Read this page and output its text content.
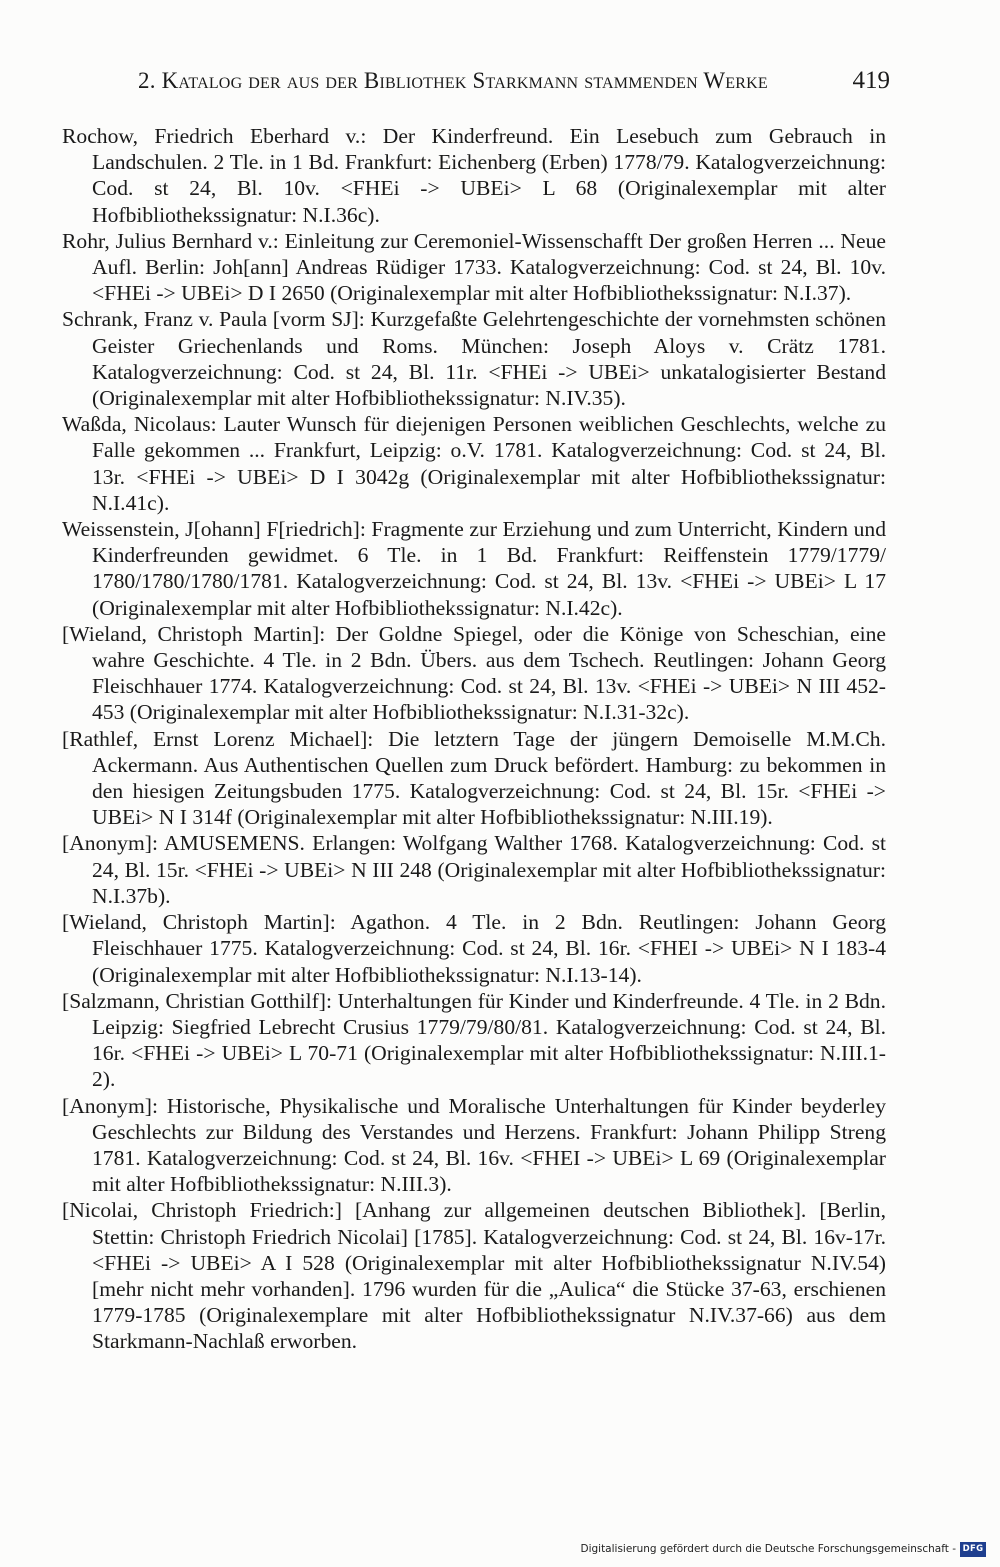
2. Katalog der aus der Bibliothek Starkmann stammenden Werke	419

Rochow, Friedrich Eberhard v.: Der Kinderfreund. Ein Lesebuch zum Gebrauch in Landschulen. 2 Tle. in 1 Bd. Frankfurt: Eichenberg (Erben) 1778/79. Katalogverzeichnung: Cod. st 24, Bl. 10v. <FHEi -> UBEi> L 68 (Originalexemplar mit alter Hofbibliothekssignatur: N.I.36c).

Rohr, Julius Bernhard v.: Einleitung zur Ceremoniel-Wissenschafft Der großen Herren ... Neue Aufl. Berlin: Joh[ann] Andreas Rüdiger 1733. Katalogverzeichnung: Cod. st 24, Bl. 10v. <FHEi -> UBEi> D I 2650 (Originalexemplar mit alter Hofbibliothekssignatur: N.I.37).

Schrank, Franz v. Paula [vorm SJ]: Kurzgefaßte Gelehrtengeschichte der vornehmsten schönen Geister Griechenlands und Roms. München: Joseph Aloys v. Crätz 1781. Katalogverzeichnung: Cod. st 24, Bl. 11r. <FHEi -> UBEi> unkatalogisierter Bestand (Originalexemplar mit alter Hofbibliothekssignatur: N.IV.35).

Waßda, Nicolaus: Lauter Wunsch für diejenigen Personen weiblichen Geschlechts, welche zu Falle gekommen ... Frankfurt, Leipzig: o.V. 1781. Katalogverzeichnung: Cod. st 24, Bl. 13r. <FHEi -> UBEi> D I 3042g (Originalexemplar mit alter Hofbibliothekssignatur: N.I.41c).

Weissenstein, J[ohann] F[riedrich]: Fragmente zur Erziehung und zum Unterricht, Kindern und Kinderfreunden gewidmet. 6 Tle. in 1 Bd. Frankfurt: Reiffenstein 1779/1779/ 1780/1780/1780/1781. Katalogverzeichnung: Cod. st 24, Bl. 13v. <FHEi -> UBEi> L 17 (Originalexemplar mit alter Hofbibliothekssignatur: N.I.42c).

[Wieland, Christoph Martin]: Der Goldne Spiegel, oder die Könige von Scheschian, eine wahre Geschichte. 4 Tle. in 2 Bdn. Übers. aus dem Tschech. Reutlingen: Johann Georg Fleischhauer 1774. Katalogverzeichnung: Cod. st 24, Bl. 13v. <FHEi -> UBEi> N III 452-453 (Originalexemplar mit alter Hofbibliothekssignatur: N.I.31-32c).

[Rathlef, Ernst Lorenz Michael]: Die letztern Tage der jüngern Demoiselle M.M.Ch. Ackermann. Aus Authentischen Quellen zum Druck befördert. Hamburg: zu bekommen in den hiesigen Zeitungsbuden 1775. Katalogverzeichnung: Cod. st 24, Bl. 15r. <FHEi -> UBEi> N I 314f (Originalexemplar mit alter Hofbibliothekssignatur: N.III.19).

[Anonym]: AMUSEMENS. Erlangen: Wolfgang Walther 1768. Katalogverzeichnung: Cod. st 24, Bl. 15r. <FHEi -> UBEi> N III 248 (Originalexemplar mit alter Hofbibliothekssignatur: N.I.37b).

[Wieland, Christoph Martin]: Agathon. 4 Tle. in 2 Bdn. Reutlingen: Johann Georg Fleischhauer 1775. Katalogverzeichnung: Cod. st 24, Bl. 16r. <FHEI -> UBEi> N I 183-4 (Originalexemplar mit alter Hofbibliothekssignatur: N.I.13-14).

[Salzmann, Christian Gotthilf]: Unterhaltungen für Kinder und Kinderfreunde. 4 Tle. in 2 Bdn. Leipzig: Siegfried Lebrecht Crusius 1779/79/80/81. Katalogverzeichnung: Cod. st 24, Bl. 16r. <FHEi -> UBEi> L 70-71 (Originalexemplar mit alter Hofbibliothekssignatur: N.III.1-2).

[Anonym]: Historische, Physikalische und Moralische Unterhaltungen für Kinder beyderley Geschlechts zur Bildung des Verstandes und Herzens. Frankfurt: Johann Philipp Streng 1781. Katalogverzeichnung: Cod. st 24, Bl. 16v. <FHEI -> UBEi> L 69 (Originalexemplar mit alter Hofbibliothekssignatur: N.III.3).

[Nicolai, Christoph Friedrich:] [Anhang zur allgemeinen deutschen Bibliothek]. [Berlin, Stettin: Christoph Friedrich Nicolai] [1785]. Katalogverzeichnung: Cod. st 24, Bl. 16v-17r. <FHEi -> UBEi> A I 528 (Originalexemplar mit alter Hofbibliothekssignatur N.IV.54) [mehr nicht mehr vorhanden]. 1796 wurden für die „Aulica“ die Stücke 37-63, erschienen 1779-1785 (Originalexemplare mit alter Hofbibliothekssignatur N.IV.37-66) aus dem Starkmann-Nachlaß erworben.

Digitalisierung gefördert durch die Deutsche Forschungsgemeinschaft - DFG
